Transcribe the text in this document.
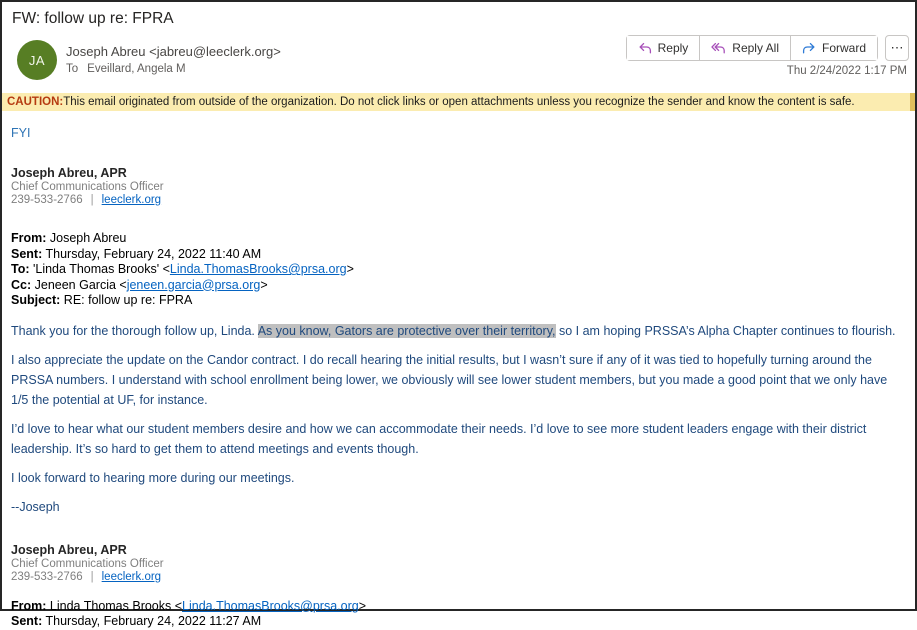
FW: follow up re: FPRA
JA
Joseph Abreu <jabreu@leeclerk.org>
To Eveillard, Angela M
Reply	Reply All	Forward ⋯
Thu 2/24/2022 1:17 PM
CAUTION: This email originated from outside of the organization. Do not click links or open attachments unless you recognize the sender and know the content is safe.
FYI
Joseph Abreu, APR
Chief Communications Officer
239-533-2766 | leeclerk.org
From: Joseph Abreu
Sent: Thursday, February 24, 2022 11:40 AM
To: 'Linda Thomas Brooks' <Linda.ThomasBrooks@prsa.org>
Cc: Jeneen Garcia <jeneen.garcia@prsa.org>
Subject: RE: follow up re: FPRA

Thank you for the thorough follow up, Linda. As you know, Gators are protective over their territory, so I am hoping PRSSA’s Alpha Chapter continues to flourish.

I also appreciate the update on the Candor contract. I do recall hearing the initial results, but I wasn’t sure if any of it was tied to hopefully turning around the PRSSA numbers. I understand with school enrollment being lower, we obviously will see lower student members, but you made a good point that we only have 1/5 the potential at UF, for instance.

I’d love to hear what our student members desire and how we can accommodate their needs. I’d love to see more student leaders engage with their district leadership. It’s so hard to get them to attend meetings and events though.

I look forward to hearing more during our meetings.

--Joseph

Joseph Abreu, APR
Chief Communications Officer
239-533-2766 | leeclerk.org
From: Linda Thomas Brooks <Linda.ThomasBrooks@prsa.org>
Sent: Thursday, February 24, 2022 11:27 AM
